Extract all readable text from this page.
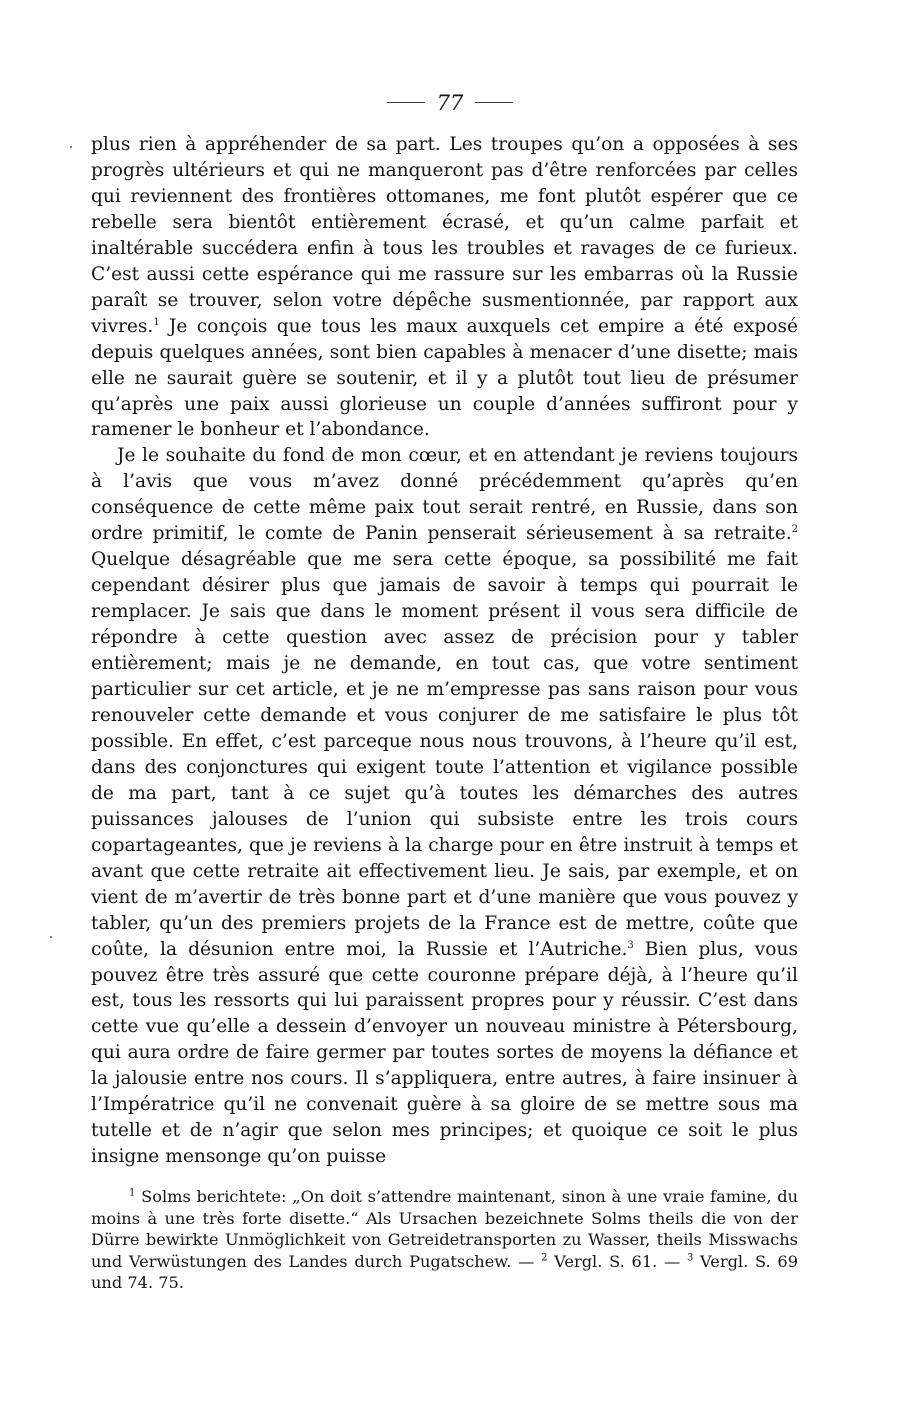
77

plus rien à appréhender de sa part. Les troupes qu’on a opposées à ses progrès ultérieurs et qui ne manqueront pas d’être renforcées par celles qui reviennent des frontières ottomanes, me font plutôt espérer que ce rebelle sera bientôt entièrement écrasé, et qu’un calme parfait et inaltérable succédera enfin à tous les troubles et ravages de ce furieux. C’est aussi cette espérance qui me rassure sur les embarras où la Russie paraît se trouver, selon votre dépêche susmentionnée, par rapport aux vivres.$^1$ Je conçois que tous les maux auxquels cet empire a été exposé depuis quelques années, sont bien capables à menacer d’une disette; mais elle ne saurait guère se soutenir, et il y a plutôt tout lieu de présumer qu’après une paix aussi glorieuse un couple d’années suffiront pour y ramener le bonheur et l’abondance.

Je le souhaite du fond de mon cœur, et en attendant je reviens toujours à l’avis que vous m’avez donné précédemment qu’après qu’en conséquence de cette même paix tout serait rentré, en Russie, dans son ordre primitif, le comte de Panin penserait sérieusement à sa retraite.$^2$ Quelque désagréable que me sera cette époque, sa possibilité me fait cependant désirer plus que jamais de savoir à temps qui pourrait le remplacer. Je sais que dans le moment présent il vous sera difficile de répondre à cette question avec assez de précision pour y tabler entièrement; mais je ne demande, en tout cas, que votre sentiment particulier sur cet article, et je ne m’empresse pas sans raison pour vous renouveler cette demande et vous conjurer de me satisfaire le plus tôt possible. En effet, c’est parceque nous nous trouvons, à l’heure qu’il est, dans des conjonctures qui exigent toute l’attention et vigilance possible de ma part, tant à ce sujet qu’à toutes les démarches des autres puissances jalouses de l’union qui subsiste entre les trois cours copartageantes, que je reviens à la charge pour en être instruit à temps et avant que cette retraite ait effectivement lieu. Je sais, par exemple, et on vient de m’avertir de très bonne part et d’une manière que vous pouvez y tabler, qu’un des premiers projets de la France est de mettre, coûte que coûte, la désunion entre moi, la Russie et l’Autriche.$^3$ Bien plus, vous pouvez être très assuré que cette couronne prépare déjà, à l’heure qu’il est, tous les ressorts qui lui paraissent propres pour y réussir. C’est dans cette vue qu’elle a dessein d’envoyer un nouveau ministre à Pétersbourg, qui aura ordre de faire germer par toutes sortes de moyens la défiance et la jalousie entre nos cours. Il s’appliquera, entre autres, à faire insinuer à l’Impératrice qu’il ne convenait guère à sa gloire de se mettre sous ma tutelle et de n’agir que selon mes principes; et quoique ce soit le plus insigne mensonge qu’on puisse

$^1$ Solms berichtete: „On doit s’attendre maintenant, sinon à une vraie famine, du moins à une très forte disette.“ Als Ursachen bezeichnete Solms theils die von der Dürre bewirkte Unmöglichkeit von Getreidetransporten zu Wasser, theils Misswachs und Verwüstungen des Landes durch Pugatschew. — $^2$ Vergl. S. 61. — $^3$ Vergl. S. 69 und 74. 75.
